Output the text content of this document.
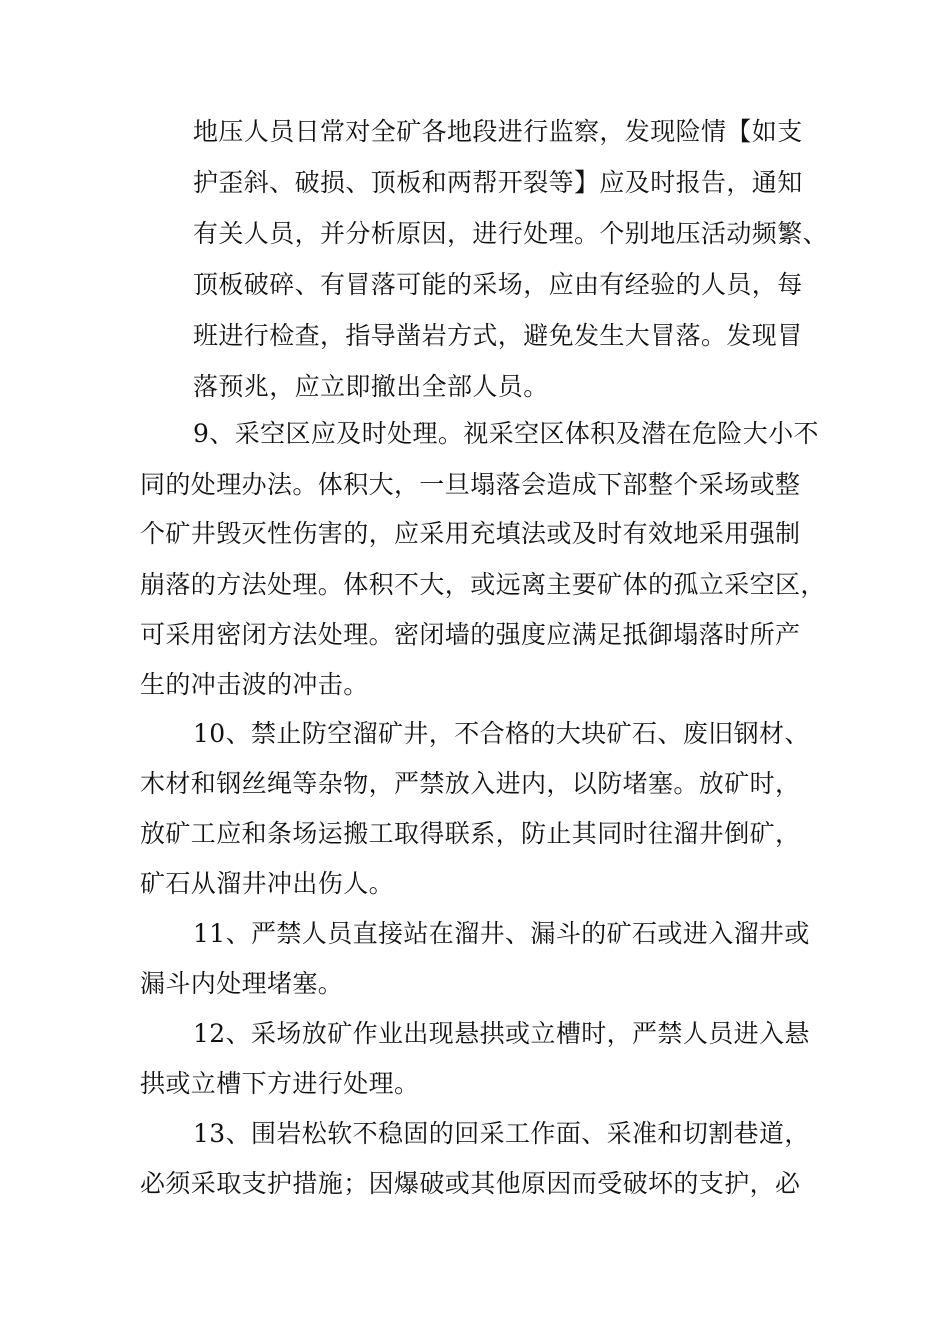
地压人员日常对全矿各地段进行监察，发现险情【如支
护歪斜、破损、顶板和两帮开裂等】应及时报告，通知
有关人员，并分析原因，进行处理。个别地压活动频繁、
顶板破碎、有冒落可能的采场，应由有经验的人员，每
班进行检查，指导凿岩方式，避免发生大冒落。发现冒
落预兆，应立即撤出全部人员。
9、采空区应及时处理。视采空区体积及潜在危险大小不
同的处理办法。体积大，一旦塌落会造成下部整个采场或整
个矿井毁灭性伤害的，应采用充填法或及时有效地采用强制
崩落的方法处理。体积不大，或远离主要矿体的孤立采空区，
可采用密闭方法处理。密闭墙的强度应满足抵御塌落时所产
生的冲击波的冲击。
10、禁止防空溜矿井，不合格的大块矿石、废旧钢材、
木材和钢丝绳等杂物，严禁放入进内，以防堵塞。放矿时，
放矿工应和条场运搬工取得联系，防止其同时往溜井倒矿，
矿石从溜井冲出伤人。
11、严禁人员直接站在溜井、漏斗的矿石或进入溜井或
漏斗内处理堵塞。
12、采场放矿作业出现悬拱或立槽时，严禁人员进入悬
拱或立槽下方进行处理。
13、围岩松软不稳固的回采工作面、采准和切割巷道，
必须采取支护措施；因爆破或其他原因而受破坏的支护，必
